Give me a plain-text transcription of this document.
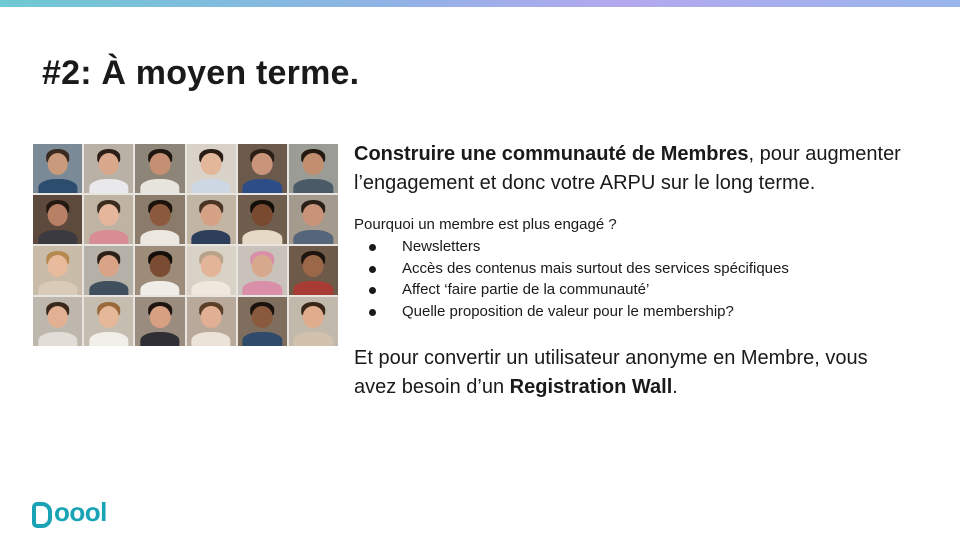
#2: À moyen terme.

Construire une communauté de Membres, pour augmenter l’engagement et donc votre ARPU sur le long terme.

Pourquoi un membre est plus engagé ?

Newsletters
Accès des contenus mais surtout des services spécifiques
Affect ‘faire partie de la communauté’
Quelle proposition de valeur pour le membership?

Et pour convertir un utilisateur anonyme en Membre, vous avez besoin d’un Registration Wall.

oool
